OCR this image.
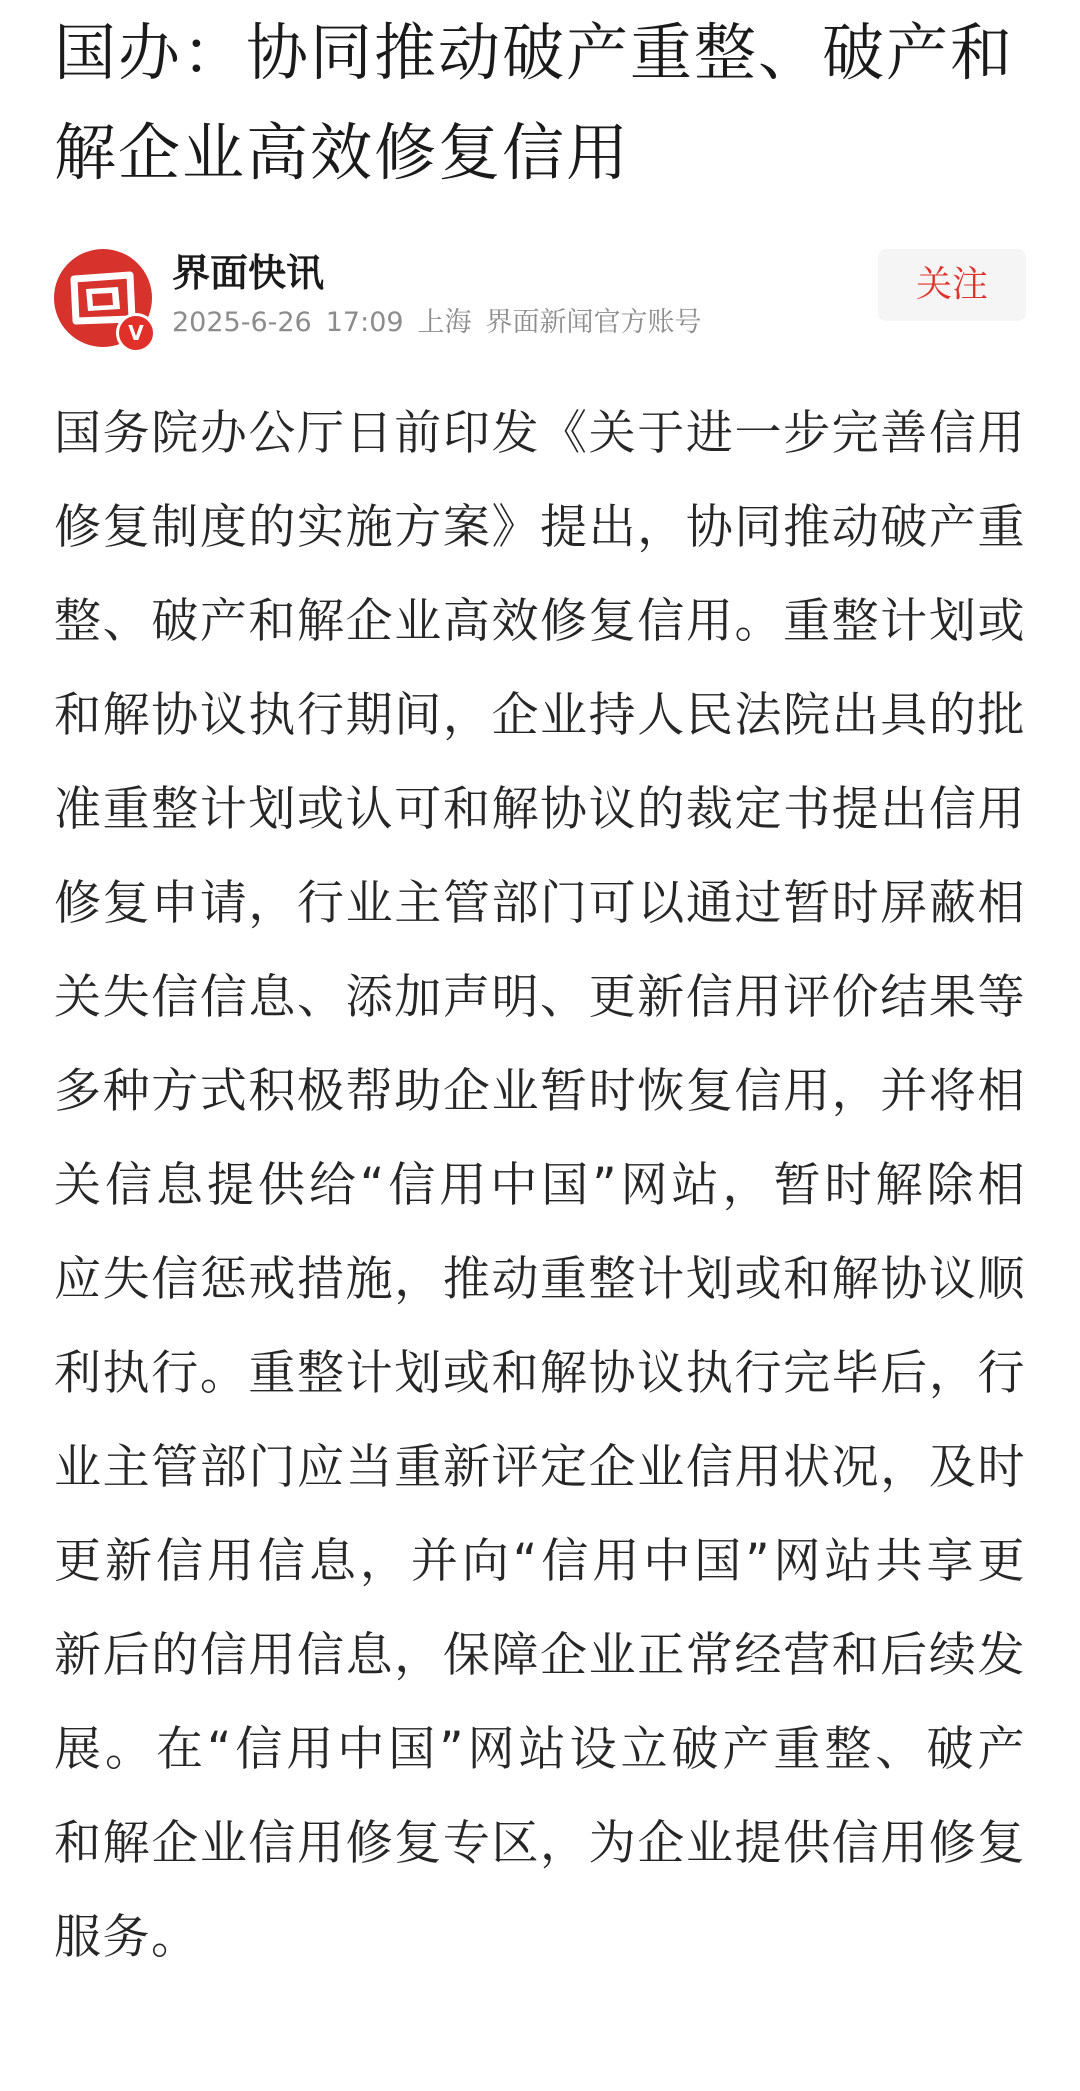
国办：协同推动破产重整、破产和解企业高效修复信用
V
界面快讯
2025-6-26 17:09 上海 界面新闻官方账号
关注

国务院办公厅日前印发《关于进一步完善信用修复制度的实施方案》提出，协同推动破产重整、破产和解企业高效修复信用。重整计划或和解协议执行期间，企业持人民法院出具的批准重整计划或认可和解协议的裁定书提出信用修复申请，行业主管部门可以通过暂时屏蔽相关失信信息、添加声明、更新信用评价结果等多种方式积极帮助企业暂时恢复信用，并将相关信息提供给“信用中国”网站，暂时解除相应失信惩戒措施，推动重整计划或和解协议顺利执行。重整计划或和解协议执行完毕后，行业主管部门应当重新评定企业信用状况，及时更新信用信息，并向“信用中国”网站共享更新后的信用信息，保障企业正常经营和后续发展。在“信用中国”网站设立破产重整、破产和解企业信用修复专区，为企业提供信用修复服务。
